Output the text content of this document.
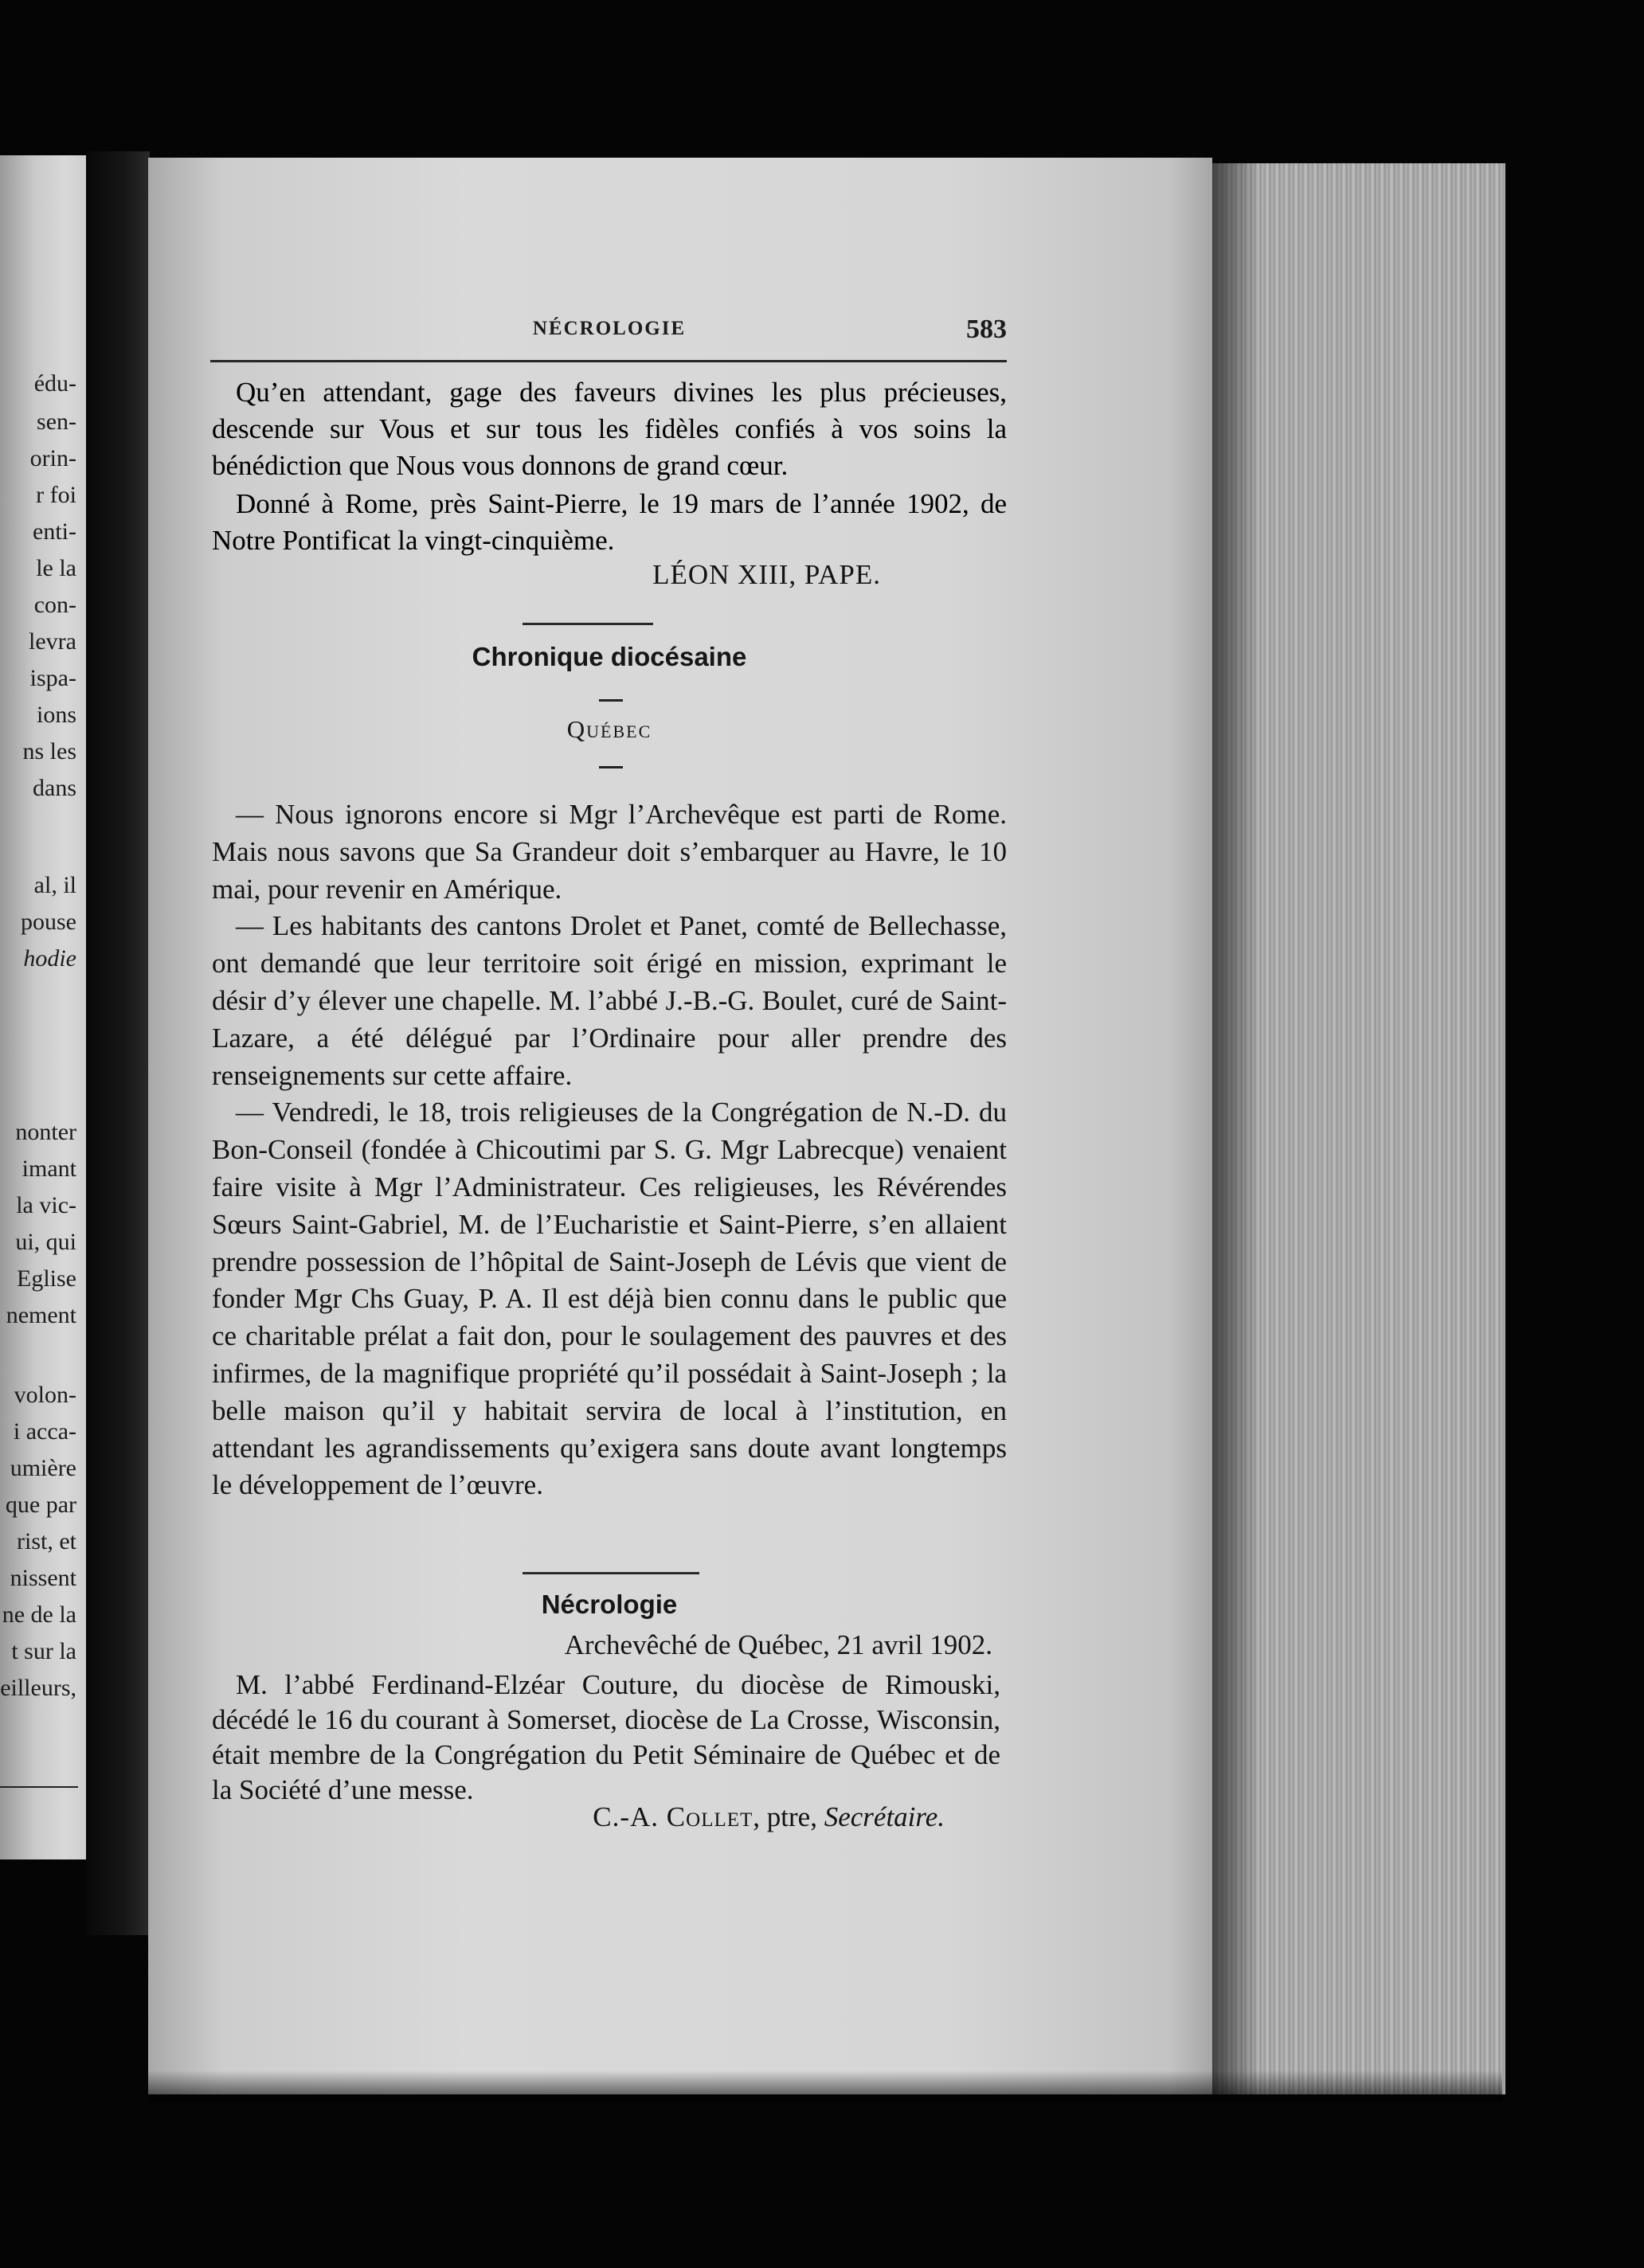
édu-
sen-
orin-
r foi
enti-
le la
con-
levra
ispa-
ions
ns les
dans
al, il
pouse
hodie
nonter
imant
la vic-
ui, qui
Eglise
nement
volon-
i acca-
umière
que par
rist, et
nissent
ne de la
t sur la
eilleurs,
NÉCROLOGIE	583

Qu’en attendant, gage des faveurs divines les plus précieuses, descende sur Vous et sur tous les fidèles confiés à vos soins la bénédiction que Nous vous donnons de grand cœur.

Donné à Rome, près Saint-Pierre, le 19 mars de l’année 1902, de Notre Pontificat la vingt-cinquième.

LÉON XIII, PAPE.
Chronique diocésaine
Québec

— Nous ignorons encore si Mgr l’Archevêque est parti de Rome. Mais nous savons que Sa Grandeur doit s’embarquer au Havre, le 10 mai, pour revenir en Amérique.

— Les habitants des cantons Drolet et Panet, comté de Bellechasse, ont demandé que leur territoire soit érigé en mission, exprimant le désir d’y élever une chapelle. M. l’abbé J.-B.-G. Boulet, curé de Saint-Lazare, a été délégué par l’Ordinaire pour aller prendre des renseignements sur cette affaire.

— Vendredi, le 18, trois religieuses de la Congrégation de N.-D. du Bon-Conseil (fondée à Chicoutimi par S. G. Mgr Labrecque) venaient faire visite à Mgr l’Administrateur. Ces religieuses, les Révérendes Sœurs Saint-Gabriel, M. de l’Eucharistie et Saint-Pierre, s’en allaient prendre possession de l’hôpital de Saint-Joseph de Lévis que vient de fonder Mgr Chs Guay, P. A. Il est déjà bien connu dans le public que ce charitable prélat a fait don, pour le soulagement des pauvres et des infirmes, de la magnifique propriété qu’il possédait à Saint-Joseph ; la belle maison qu’il y habitait servira de local à l’institution, en attendant les agrandissements qu’exigera sans doute avant longtemps le développement de l’œuvre.

Nécrologie
Archevêché de Québec, 21 avril 1902.

M. l’abbé Ferdinand-Elzéar Couture, du diocèse de Rimouski, décédé le 16 du courant à Somerset, diocèse de La Crosse, Wisconsin, était membre de la Congrégation du Petit Séminaire de Québec et de la Société d’une messe.

C.-A. Collet, ptre, Secrétaire.
